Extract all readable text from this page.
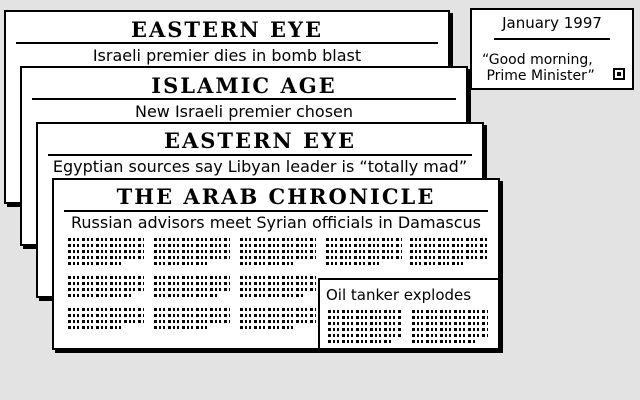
EASTERN EYE
Israeli premier dies in bomb blast
ISLAMIC AGE
New Israeli premier chosen
EASTERN EYE
Egyptian sources say Libyan leader is “totally mad”
THE ARAB CHRONICLE
Russian advisors meet Syrian officials in Damascus
Oil tanker explodes
January 1997
“Good morning,
Prime Minister”
